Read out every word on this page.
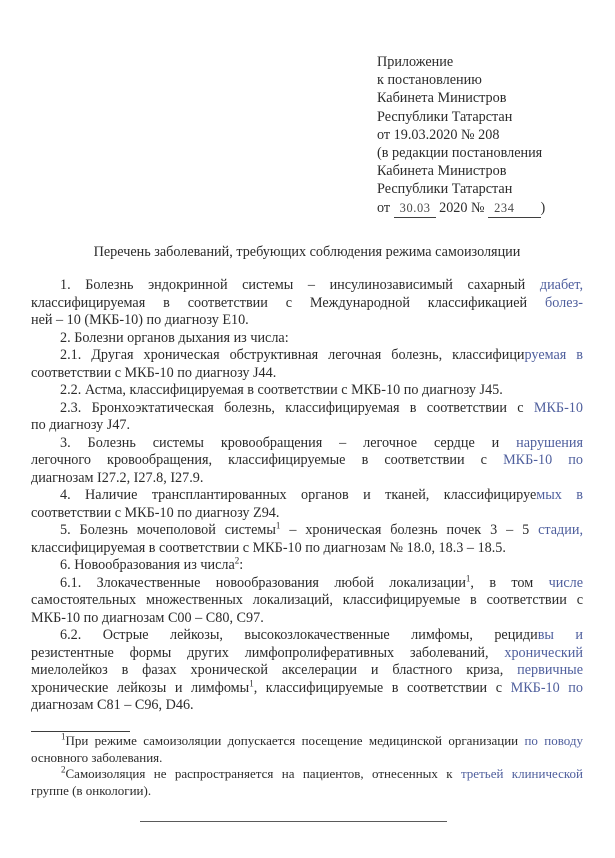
Приложение
к постановлению
Кабинета Министров
Республики Татарстан
от 19.03.2020 № 208
(в редакции постановления
Кабинета Министров
Республики Татарстан
от 30.03 2020 № 234 )
Перечень заболеваний, требующих соблюдения режима самоизоляции
1. Болезнь эндокринной системы – инсулинозависимый сахарный диабет,
классифицируемая в соответствии с Международной классификацией болез-
ней – 10 (МКБ-10) по диагнозу E10.
2. Болезни органов дыхания из числа:
2.1. Другая хроническая обструктивная легочная болезнь, классифицируемая в
соответствии с МКБ-10 по диагнозу J44.
2.2. Астма, классифицируемая в соответствии с МКБ-10 по диагнозу J45.
2.3. Бронхоэктатическая болезнь, классифицируемая в соответствии с МКБ-10
по диагнозу J47.
3. Болезнь системы кровообращения – легочное сердце и нарушения
легочного кровообращения, классифицируемые в соответствии с МКБ-10 по
диагнозам I27.2, I27.8, I27.9.
4. Наличие трансплантированных органов и тканей, классифицируемых в
соответствии с МКБ-10 по диагнозу Z94.
5. Болезнь мочеполовой системы$^1$ – хроническая болезнь почек 3 – 5 стадии,
классифицируемая в соответствии с МКБ-10 по диагнозам № 18.0, 18.3 – 18.5.
6. Новообразования из числа$^2$:
6.1. Злокачественные новообразования любой локализации$^1$, в том числе
самостоятельных множественных локализаций, классифицируемые в соответствии с
МКБ-10 по диагнозам C00 – C80, C97.
6.2. Острые лейкозы, высокозлокачественные лимфомы, рецидивы и
резистентные формы других лимфопролиферативных заболеваний, хронический
миелолейкоз в фазах хронической акселерации и бластного криза, первичные
хронические лейкозы и лимфомы$^1$, классифицируемые в соответствии с МКБ-10 по
диагнозам C81 – C96, D46.
$^1$При режиме самоизоляции допускается посещение медицинской организации по поводу
основного заболевания.
$^2$Самоизоляция не распространяется на пациентов, отнесенных к третьей клинической
группе (в онкологии).
